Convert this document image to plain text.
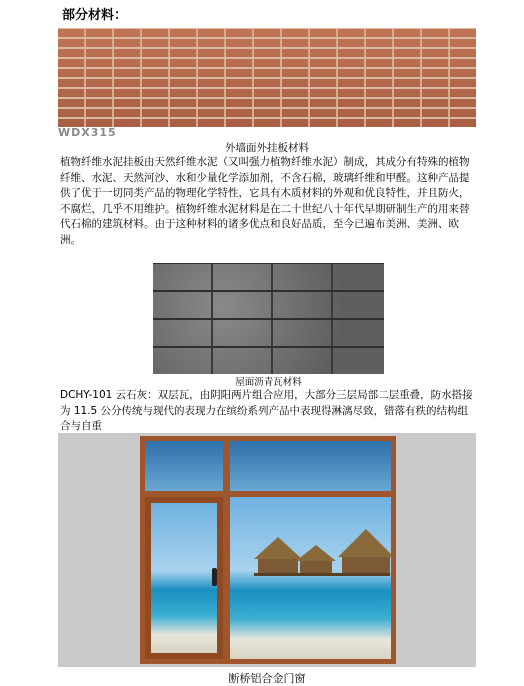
部分材料：
WDX315
外墙面外挂板材料
植物纤维水泥挂板由天然纤维水泥（又叫强力植物纤维水泥）制成，其成分有特殊的植物纤维、水泥、天然河沙、水和少量化学添加剂，不含石棉，玻璃纤维和甲醛。这种产品提供了优于一切同类产品的物理化学特性，它具有木质材料的外观和优良特性，并且防火，不腐烂，几乎不用维护。植物纤维水泥材料是在二十世纪八十年代早期研制生产的用来替代石棉的建筑材料。由于这种材料的诸多优点和良好品质，至今已遍布美洲、美洲、欧洲。
屋面沥青瓦材料
DCHY-101 云石灰：双层瓦，由阴阳两片组合应用，大部分三层局部二层重叠，防水搭接为 11.5 公分传统与现代的表现力在缤纷系列产品中表现得淋漓尽致，错落有秩的结构组合与自重
断桥铝合金门窗
